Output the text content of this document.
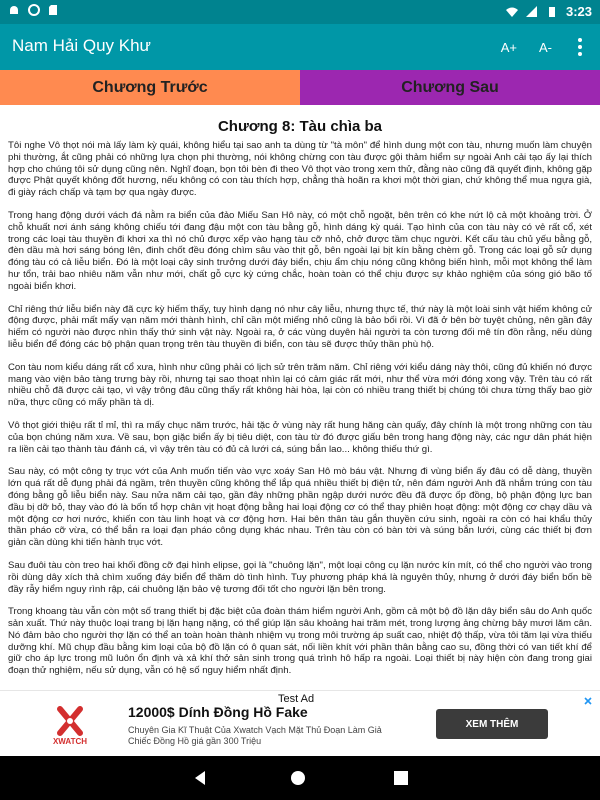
3:23
Nam Hải Quy Khư	A+ A-
Chương Trước	Chương Sau
Chương 8: Tàu chìa ba

Tôi nghe Vô thọt nói mà lấy làm kỳ quái, không hiểu tại sao anh ta dùng từ "tà môn" để hình dung một con tàu, nhưng muốn làm chuyện phi thường, ắt cũng phải có những lựa chọn phi thường, nói không chừng con tàu được gội thảm hiểm sự ngoài Anh cải tạo ấy lại thích hợp cho chúng tôi sử dụng cũng nên. Nghĩ đoạn, bọn tôi bèn đi theo Vô thọt vào trong xem thử, đằng nào cũng đã quyết định, không gặp được Phật quyết không đốt hương, nếu không có con tàu thích hợp, chẳng thà hoãn ra khơi một thời gian, chứ không thể mua ngựa già, đi giày rách chấp và tạm bợ qua ngày được.

Trong hang động dưới vách đá nằm ra biển của đảo Miếu San Hô này, có một chỗ ngoặt, bên trên có khe nứt lộ cả một khoảng trời. Ở chỗ khuất nơi ánh sáng không chiếu tới đang đậu một con tàu bằng gỗ, hình dáng kỳ quái. Tạo hình của con tàu này có vẻ rất cổ, xét trong các loại tàu thuyền đi khơi xa thì nó chủ được xếp vào hạng tàu cỡ nhỏ, chở được tầm chục người. Kết cấu tàu chủ yếu bằng gỗ, đèn dầu mà hơi sáng bóng lên, đinh chốt đều đóng chìm sâu vào thịt gỗ, bên ngoài lại bịt kín bằng chèm gỗ. Trong các loại gỗ sử dụng đóng tàu có cả liễu biển. Đó là một loại cây sinh trưởng dưới đáy biển, chịu ẩm chịu nóng cũng không biến hình, mỗi mọt không thể làm hư tổn, trải bao nhiêu năm vẫn như mới, chất gỗ cực kỳ cứng chắc, hoàn toàn có thể chịu được sự khảo nghiệm của sóng gió bão tố ngoài biển khơi.

Chỉ riêng thứ liễu biển này đã cực kỳ hiếm thấy, tuy hình dạng nó như cây liễu, nhưng thực tế, thứ này là một loài sinh vật hiếm không cử động được, phải mất mấy vạn năm mới thành hình, chỉ cần một miếng nhỏ cũng là bảo bối rồi. Vì đã ở bên bờ tuyệt chủng, nên gần đây hiếm có người nào được nhìn thấy thứ sinh vật này. Ngoài ra, ở các vùng duyên hải người ta còn tương đối mê tín đồn rằng, nếu dùng liễu biển để đóng các bộ phận quan trọng trên tàu thuyền đi biển, con tàu sẽ được thủy thần phù hộ.

Con tàu nom kiểu dáng rất cổ xưa, hình như cũng phải có lịch sử trên trăm năm. Chỉ riêng với kiểu dáng này thôi, cũng đủ khiến nó được mang vào viện bảo tàng trưng bày rồi, nhưng tại sao thoạt nhìn lại có cảm giác rất mới, như thể vừa mới đóng xong vậy. Trên tàu có rất nhiều chỗ đã được cải tạo, vì vậy trông đâu cũng thấy rất không hài hòa, lại còn có nhiều trang thiết bị chúng tôi chưa từng thấy bao giờ nữa, thực cũng có mấy phần tà dị.

Vô thọt giới thiệu rất tỉ mỉ, thì ra mấy chục năm trước, hải tặc ở vùng này rất hung hăng càn quấy, đây chính là một trong những con tàu của bọn chúng năm xưa. Về sau, bọn giặc biển ấy bị tiêu diệt, con tàu từ đó được giấu bên trong hang động này, các ngư dân phát hiện ra liền cải tạo thành tàu đánh cá, vì vậy trên tàu có đủ cả lưới cá, súng bắn lao... không thiếu thứ gì.

Sau này, có một công ty trục vớt của Anh muốn tiến vào vực xoáy San Hô mò báu vật. Nhưng đi vùng biển ấy đâu có dễ dàng, thuyền lớn quá rất dễ đụng phải đá ngầm, trên thuyền cũng không thể lắp quá nhiều thiết bị điện tử, nên đám người Anh đã nhắm trúng con tàu đóng bằng gỗ liễu biển này. Sau nửa năm cải tạo, gần đây những phần ngập dưới nước đều đã được ốp đồng, bộ phận động lực ban đầu bị dỡ bỏ, thay vào đó là bốn tổ hợp chân vịt hoạt động bằng hai loại động cơ có thể thay phiên hoạt động: một động cơ chạy dầu và một động cơ hơi nước, khiến con tàu linh hoạt và cơ động hơn. Hai bên thân tàu gắn thuyền cứu sinh, ngoài ra còn có hai khẩu thủy thần pháo cỡ vừa, có thể bắn ra loại đạn pháo công dụng khác nhau. Trên tàu còn có bàn tời và súng bắn lưới, cùng các thiết bị đơn giản cần dùng khi tiến hành trục vớt.

Sau đuôi tàu còn treo hai khối đồng cỡ đại hình elipse, gọi là "chuông lặn", một loại công cụ lặn nước kín mít, có thể cho người vào trong rồi dùng dây xích thả chìm xuống đáy biển để thăm dò tình hình. Tuy phương pháp khá là nguyên thủy, nhưng ở dưới đáy biển bốn bề đầy rẫy hiểm nguy rình rập, cái chuông lặn bảo vệ tương đối tốt cho người lặn bên trong.

Trong khoang tàu vẫn còn một số trang thiết bị đặc biệt của đoàn thám hiểm người Anh, gồm cả một bộ đồ lặn dây biển sâu do Anh quốc sản xuất. Thứ này thuộc loại trang bị lặn hạng nặng, có thể giúp lặn sâu khoảng hai trăm mét, trong lượng ảng chừng bảy mươi lăm cân. Nó đảm bảo cho người thợ lặn có thể an toàn hoàn thành nhiệm vụ trong môi trường áp suất cao, nhiệt độ thấp, vừa tôi tăm lại vừa thiếu dưỡng khí. Mũ chụp đầu bằng kim loại của bộ đồ lặn có ô quan sát, nối liền khít với phần thân bằng cao su, đồng thời có van tiết khí để giữ cho áp lực trong mũ luôn ổn định và xả khí thở sản sinh trong quá trình hô hấp ra ngoài. Loại thiết bị này hiện còn đang trong giai đoạn thử nghiệm, nếu sử dụng, vẫn có hệ số nguy hiểm nhất định.

Test Ad
XWATCH
12000$ Dính Đồng Hồ Fake
Chuyên Gia Kĩ Thuật Của Xwatch Vạch Mặt Thủ Đoạn Làm Giả Chiếc Đồng Hồ giá gần 300 Triệu
XEM THÊM
